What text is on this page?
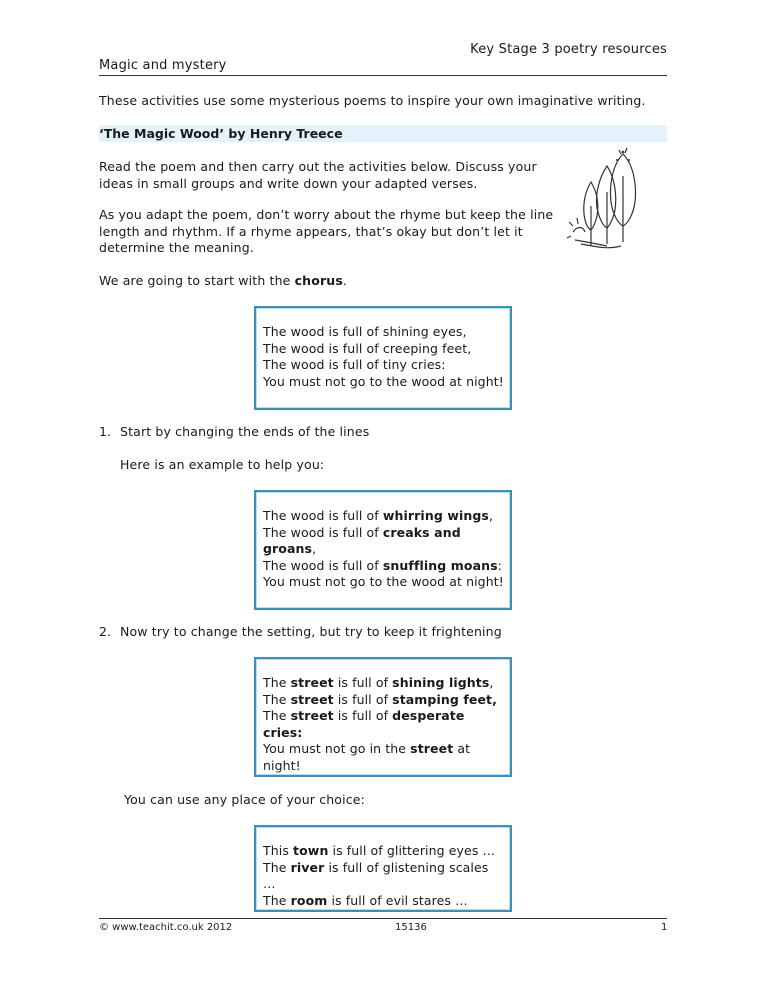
Key Stage 3 poetry resources
Magic and mystery
These activities use some mysterious poems to inspire your own imaginative writing.
‘The Magic Wood’ by Henry Treece
Read the poem and then carry out the activities below. Discuss your
ideas in small groups and write down your adapted verses.
As you adapt the poem, don’t worry about the rhyme but keep the line
length and rhythm. If a rhyme appears, that’s okay but don’t let it
determine the meaning.
We are going to start with the chorus.
The wood is full of shining eyes,
The wood is full of creeping feet,
The wood is full of tiny cries:
You must not go to the wood at night!
1. Start by changing the ends of the lines
Here is an example to help you:
The wood is full of whirring wings,
The wood is full of creaks and
groans,
The wood is full of snuffling moans:
You must not go to the wood at night!
2. Now try to change the setting, but try to keep it frightening
The street is full of shining lights,
The street is full of stamping feet,
The street is full of desperate cries:
You must not go in the street at
night!
You can use any place of your choice:
This town is full of glittering eyes …
The river is full of glistening scales …
The room is full of evil stares …
© www.teachit.co.uk 2012	15136	1
